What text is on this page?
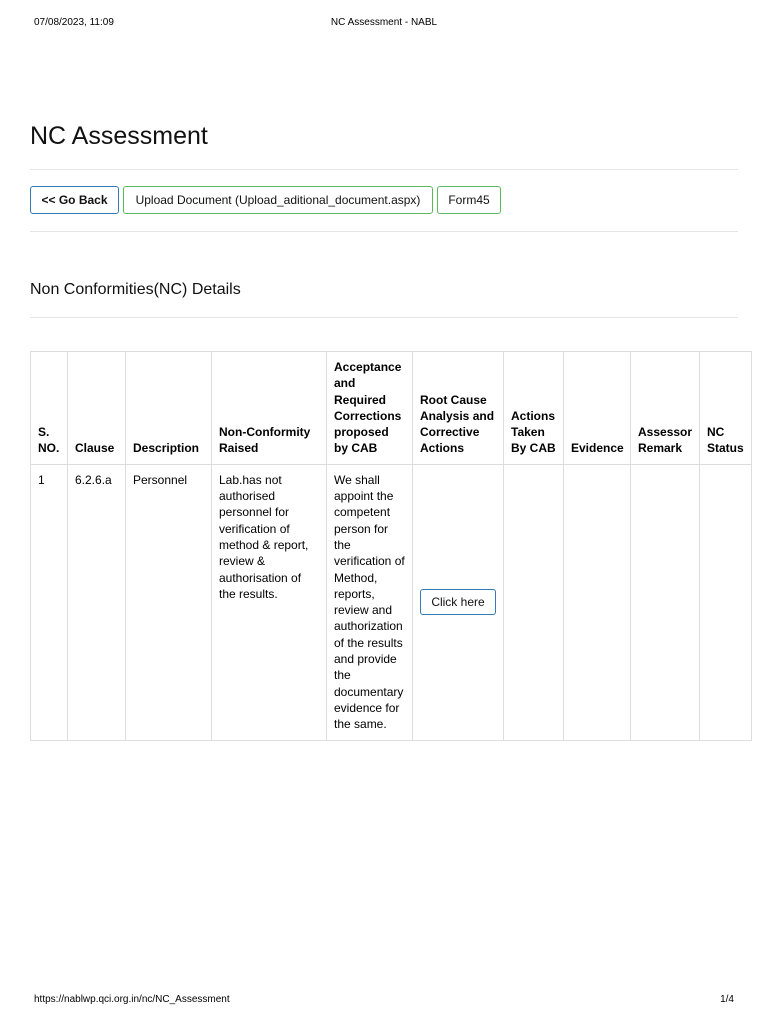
07/08/2023, 11:09	NC Assessment - NABL
NC Assessment
<< Go Back	Upload Document (Upload_aditional_document.aspx)	Form45
Non Conformities(NC) Details
S. NO.	Clause	Description	Non-Conformity Raised	Acceptance and Required Corrections proposed by CAB	Root Cause Analysis and Corrective Actions	Actions Taken By CAB	Evidence	Assessor Remark	NC Status
1	6.2.6.a	Personnel	Lab.has not authorised personnel for verification of method & report, review & authorisation of the results.	We shall appoint the competent person for the verification of Method, reports, review and authorization of the results and provide the documentary evidence for the same.	Click here				
https://nablwp.qci.org.in/nc/NC_Assessment	1/4
